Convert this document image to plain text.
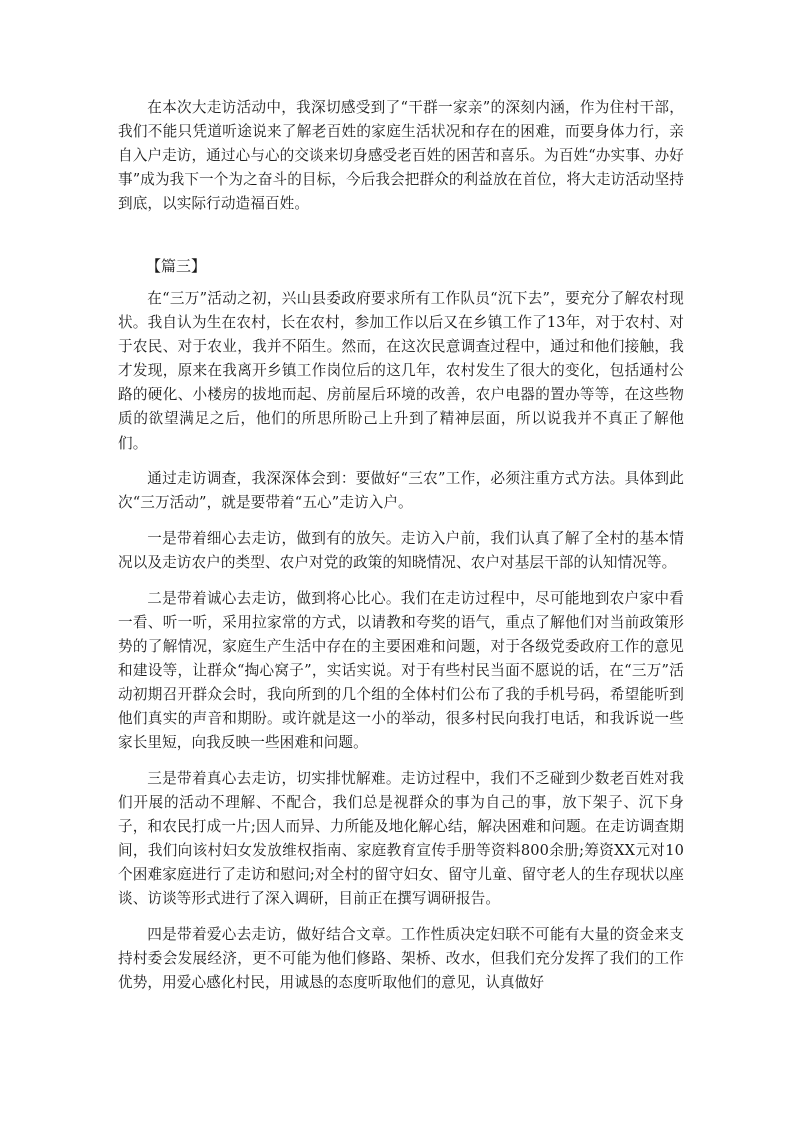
在本次大走访活动中，我深切感受到了“干群一家亲”的深刻内涵，作为住村干部，我们不能只凭道听途说来了解老百姓的家庭生活状况和存在的困难，而要身体力行，亲自入户走访，通过心与心的交谈来切身感受老百姓的困苦和喜乐。为百姓“办实事、办好事”成为我下一个为之奋斗的目标，今后我会把群众的利益放在首位，将大走访活动坚持到底，以实际行动造福百姓。

【篇三】

在“三万”活动之初，兴山县委政府要求所有工作队员“沉下去”，要充分了解农村现状。我自认为生在农村，长在农村，参加工作以后又在乡镇工作了13年，对于农村、对于农民、对于农业，我并不陌生。然而，在这次民意调查过程中，通过和他们接触，我才发现，原来在我离开乡镇工作岗位后的这几年，农村发生了很大的变化，包括通村公路的硬化、小楼房的拔地而起、房前屋后环境的改善，农户电器的置办等等，在这些物质的欲望满足之后，他们的所思所盼己上升到了精神层面，所以说我并不真正了解他们。

通过走访调查，我深深体会到：要做好“三农”工作，必须注重方式方法。具体到此次“三万活动”，就是要带着“五心”走访入户。

一是带着细心去走访，做到有的放矢。走访入户前，我们认真了解了全村的基本情况以及走访农户的类型、农户对党的政策的知晓情况、农户对基层干部的认知情况等。

二是带着诚心去走访，做到将心比心。我们在走访过程中，尽可能地到农户家中看一看、听一听，采用拉家常的方式，以请教和夸奖的语气，重点了解他们对当前政策形势的了解情况，家庭生产生活中存在的主要困难和问题，对于各级党委政府工作的意见和建设等，让群众“掏心窝子”，实话实说。对于有些村民当面不愿说的话，在“三万”活动初期召开群众会时，我向所到的几个组的全体村们公布了我的手机号码，希望能听到他们真实的声音和期盼。或许就是这一小的举动，很多村民向我打电话，和我诉说一些家长里短，向我反映一些困难和问题。

三是带着真心去走访，切实排忧解难。走访过程中，我们不乏碰到少数老百姓对我们开展的活动不理解、不配合，我们总是视群众的事为自己的事，放下架子、沉下身子，和农民打成一片;因人而异、力所能及地化解心结，解决困难和问题。在走访调查期间，我们向该村妇女发放维权指南、家庭教育宣传手册等资料800余册;筹资XX元对10个困难家庭进行了走访和慰问;对全村的留守妇女、留守儿童、留守老人的生存现状以座谈、访谈等形式进行了深入调研，目前正在撰写调研报告。

四是带着爱心去走访，做好结合文章。工作性质决定妇联不可能有大量的资金来支持村委会发展经济，更不可能为他们修路、架桥、改水，但我们充分发挥了我们的工作优势，用爱心感化村民，用诚恳的态度听取他们的意见，认真做好
